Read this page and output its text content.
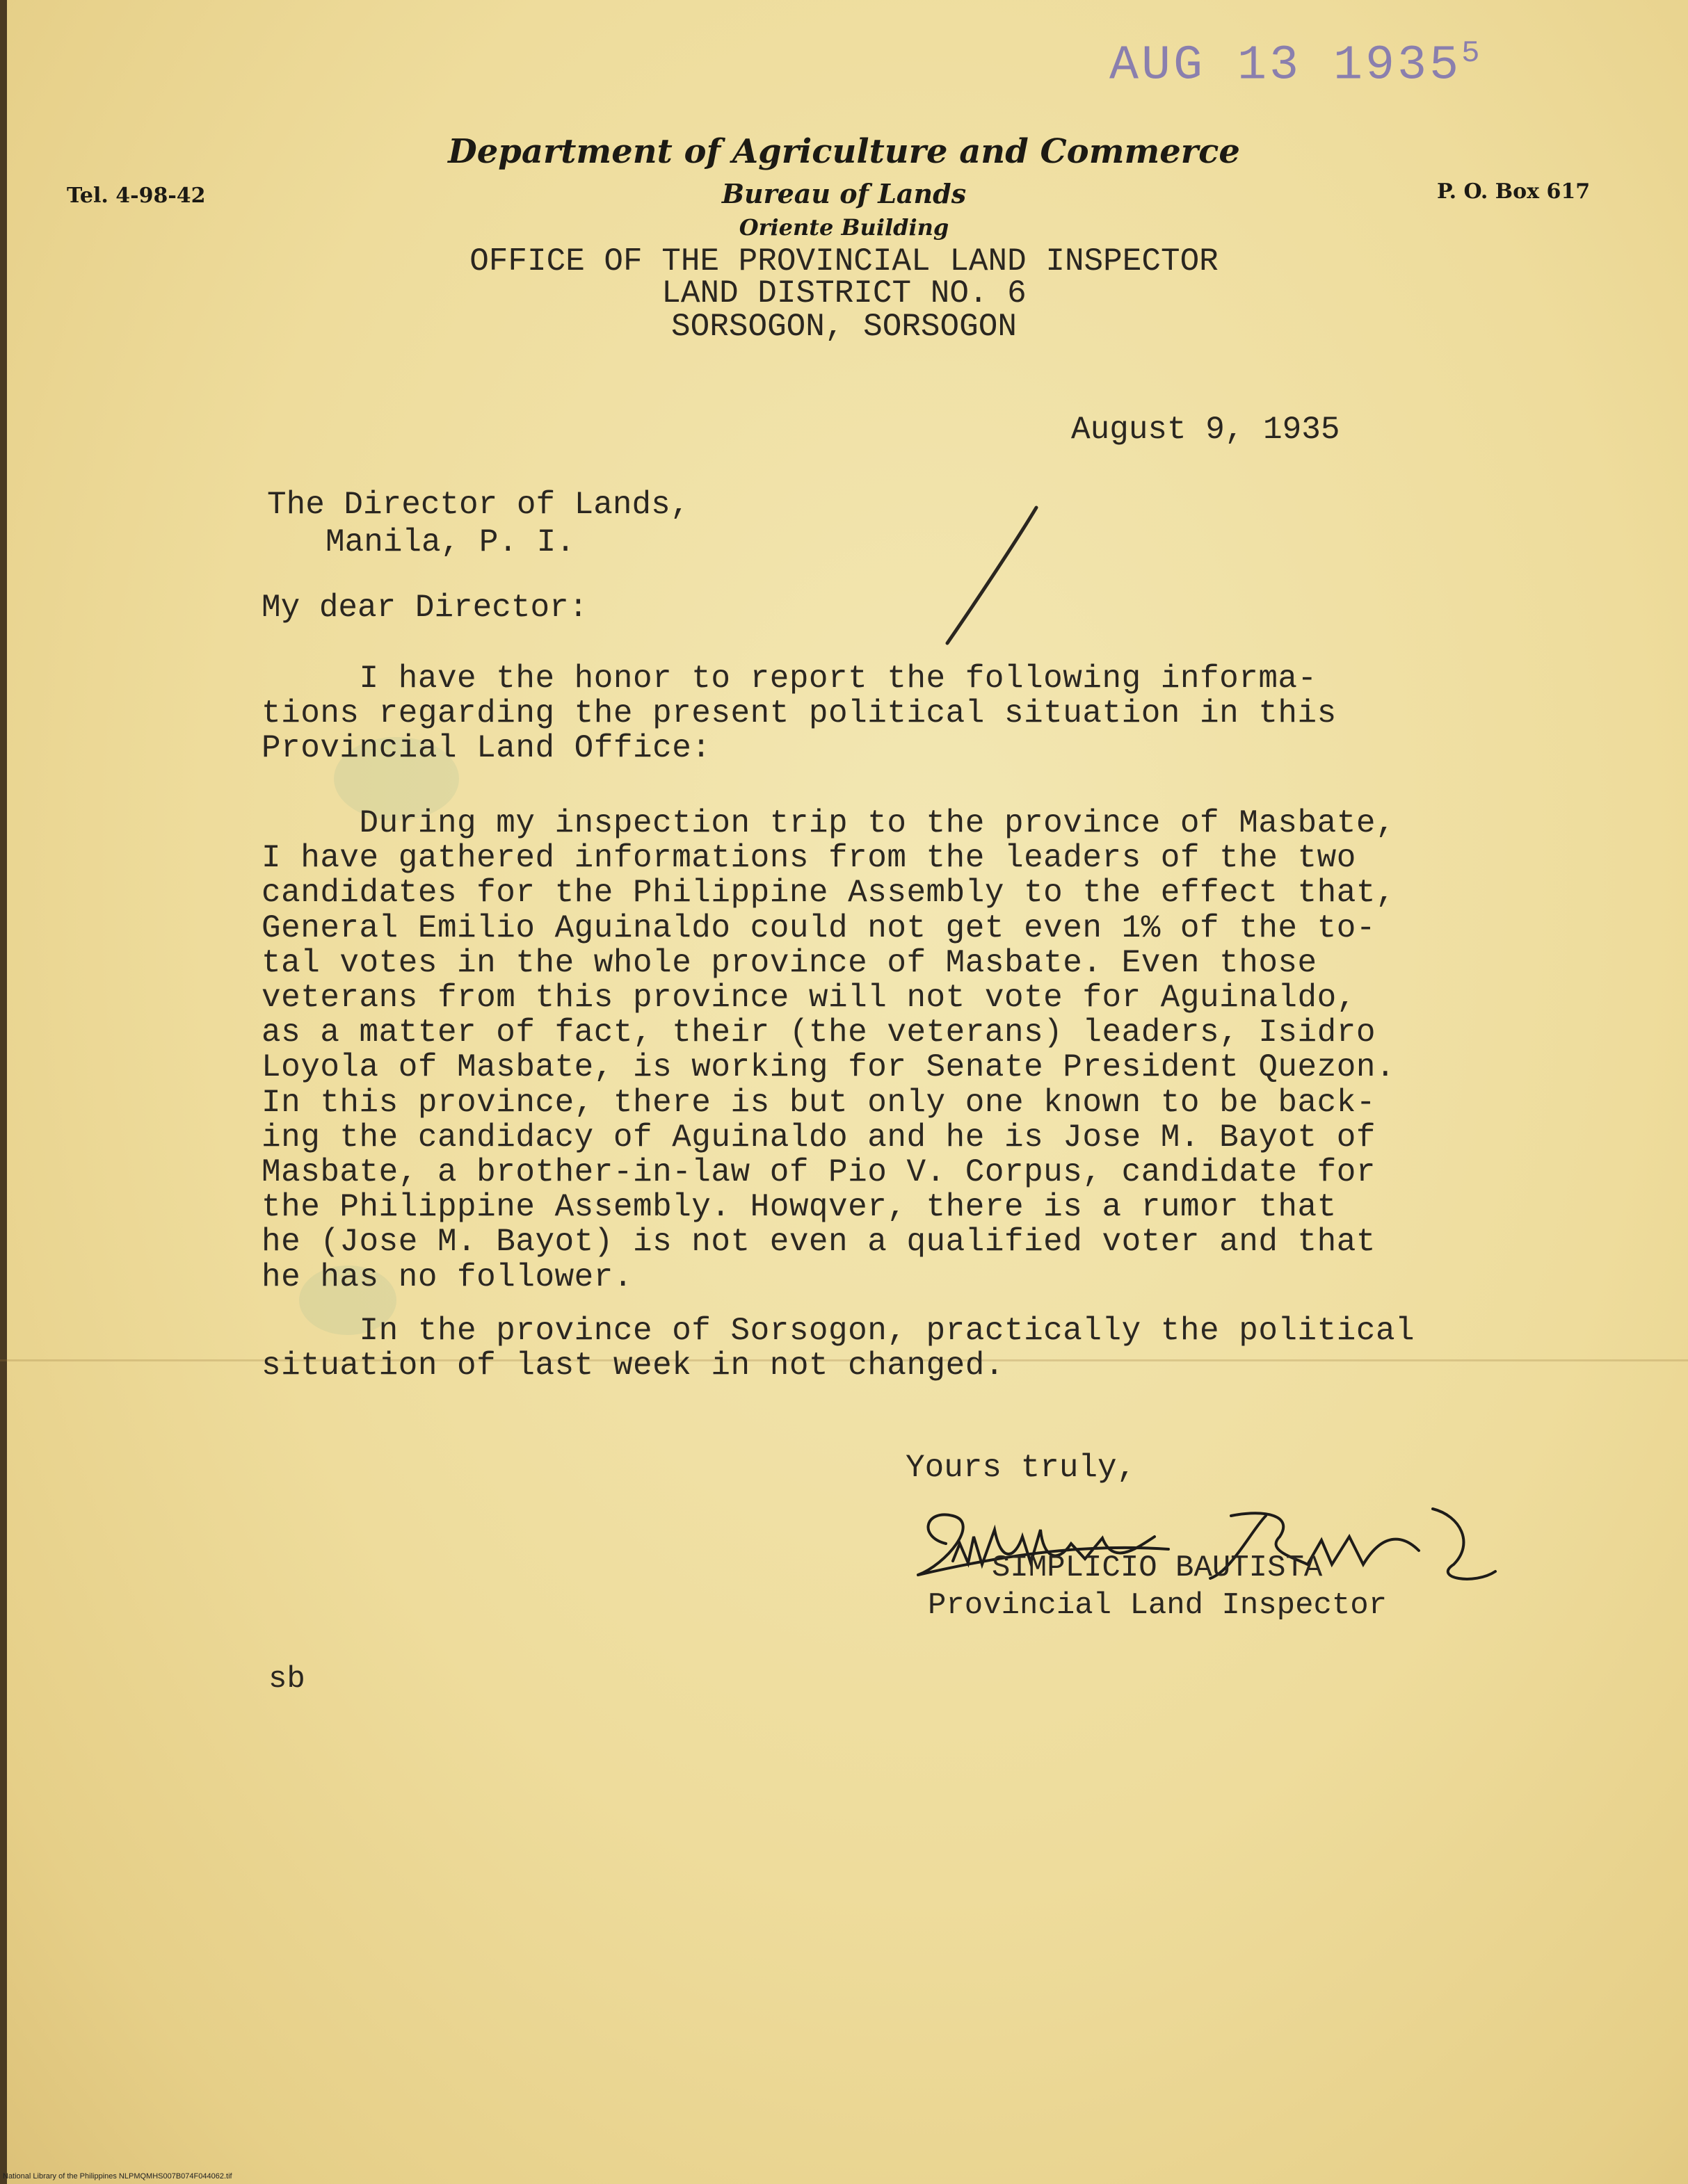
AUG 13 1935$^5$
Tel. 4-98-42	P. O. Box 617
Department of Agriculture and Commerce
Bureau of Lands
Oriente Building
OFFICE OF THE PROVINCIAL LAND INSPECTOR
LAND DISTRICT NO. 6
SORSOGON, SORSOGON
August 9, 1935
The Director of Lands,
Manila, P. I.
My dear Director:
I have the honor to report the following informa-
tions regarding the present political situation in this
Provincial Land Office:
During my inspection trip to the province of Masbate,
I have gathered informations from the leaders of the two
candidates for the Philippine Assembly to the effect that,
General Emilio Aguinaldo could not get even 1% of the to-
tal votes in the whole province of Masbate. Even those
veterans from this province will not vote for Aguinaldo,
as a matter of fact, their (the veterans) leaders, Isidro
Loyola of Masbate, is working for Senate President Quezon.
In this province, there is but only one known to be back-
ing the candidacy of Aguinaldo and he is Jose M. Bayot of
Masbate, a brother-in-law of Pio V. Corpus, candidate for
the Philippine Assembly. Howqver, there is a rumor that
he (Jose M. Bayot) is not even a qualified voter and that
he has no follower.
In the province of Sorsogon, practically the political
situation of last week in not changed.
Yours truly,
SIMPLICIO BAUTISTA
Provincial Land Inspector
sb
National Library of the Philippines NLPMQMHS007B074F044062.tif
